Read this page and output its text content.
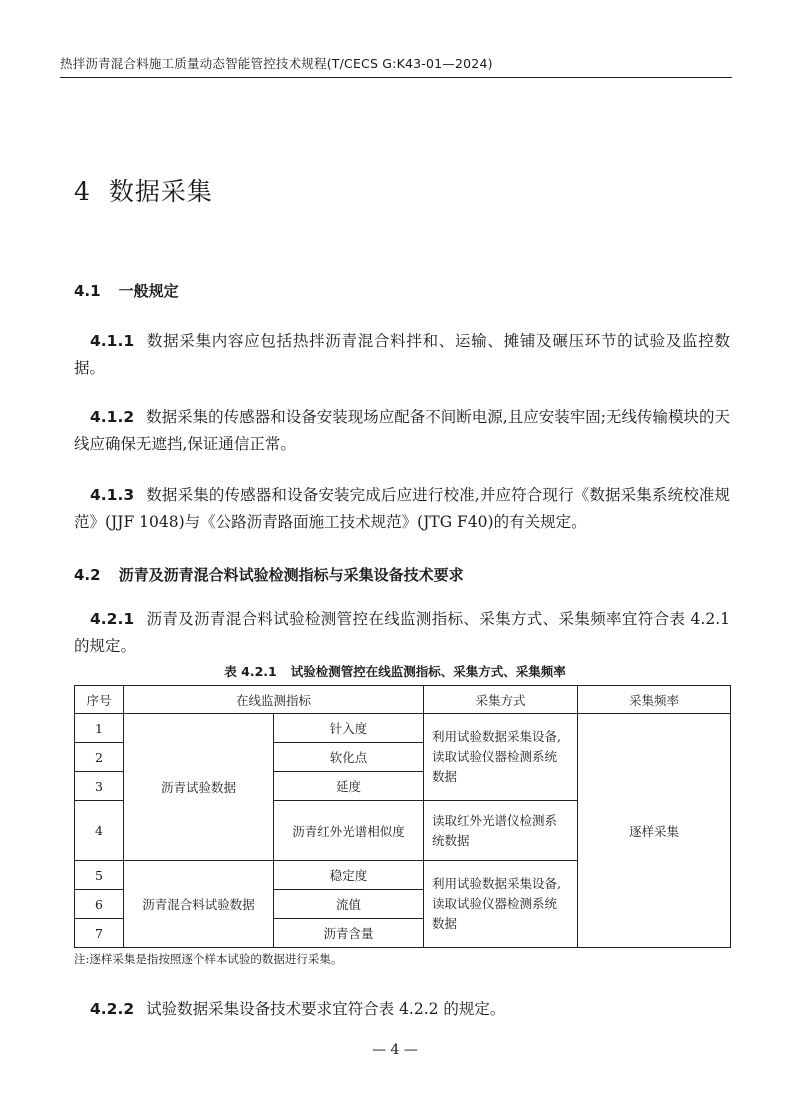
热拌沥青混合料施工质量动态智能管控技术规程(T/CECS G:K43-01—2024)
4 数据采集
4.1 一般规定
4.1.1 数据采集内容应包括热拌沥青混合料拌和、运输、摊铺及碾压环节的试验及监控数据。
4.1.2 数据采集的传感器和设备安装现场应配备不间断电源,且应安装牢固;无线传输模块的天线应确保无遮挡,保证通信正常。
4.1.3 数据采集的传感器和设备安装完成后应进行校准,并应符合现行《数据采集系统校准规范》(JJF 1048)与《公路沥青路面施工技术规范》(JTG F40)的有关规定。
4.2 沥青及沥青混合料试验检测指标与采集设备技术要求
4.2.1 沥青及沥青混合料试验检测管控在线监测指标、采集方式、采集频率宜符合表 4.2.1 的规定。
表 4.2.1 试验检测管控在线监测指标、采集方式、采集频率
序号	在线监测指标		采集方式	采集频率
1	沥青试验数据	针入度	利用试验数据采集设备,读取试验仪器检测系统数据	逐样采集
2		软化点		
3		延度		
4		沥青红外光谱相似度	读取红外光谱仪检测系统数据	
5	沥青混合料试验数据	稳定度	利用试验数据采集设备,读取试验仪器检测系统数据	
6		流值		
7		沥青含量		
注:逐样采集是指按照逐个样本试验的数据进行采集。
4.2.2 试验数据采集设备技术要求宜符合表 4.2.2 的规定。
— 4 —
